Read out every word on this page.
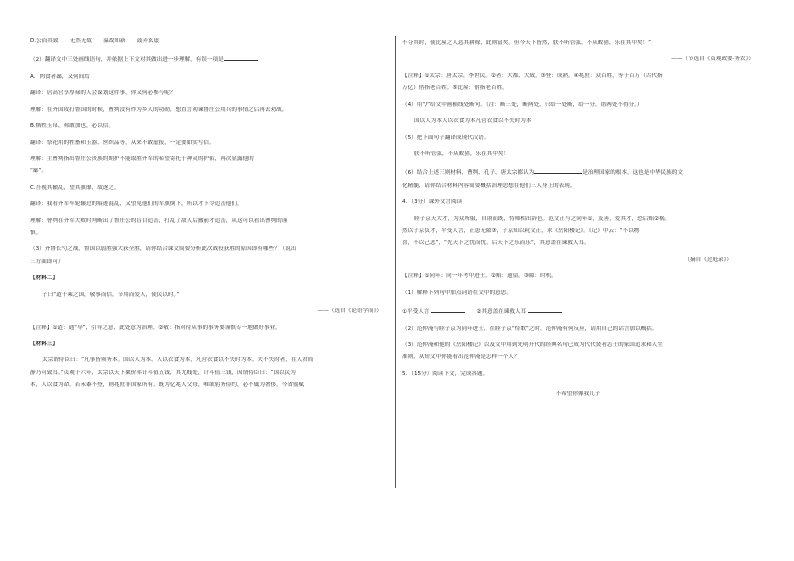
D.公而其致　　无然无故　　温故知新　　鼓弄玄虚
（2）翻译文中三处画线语句，并依据上下文对其做出进一步理解，有误一项是
A．肉食者鄙，又何间焉
翻译：居高官享厚禄的人会谋划这件事，你又何必参与呢？
理解：在齐国攻打鲁国的时候，曹刿没有作为乡人的功勋，想直言劝谏鲁庄公用兵的事情之后再去劝战。
B.牺牲玉帛，弗敢加也，必以信。
翻译：祭祀用的牲畜和玉器、丝织品等，从来不敢虚报，一定要如实写信。
理解：主曹刿指出鲁庄公贵族的期护不能取胜齐军的希望寄托于神灵的护佑，再次显露他的
“鄙”。
C.吾视其辙乱，望其旗靡，故逐之。
翻译：我看齐军车轮辗过的痕迹混乱，又望见他们的军旗倒下，所以才下令追击他们。
理解：曹刿在齐军大败时判断出了鲁庄公的盲目追击，打乱了敌人后撤前才追击，从这可以看出曹刿的谨
慎。
（3）齐鲁长勺之战，鲁国以弱胜强大获全胜，请你结合课文简要分析此次战役获胜的原因即有哪些？（说出
三方面即可）
【材料二】
子曰“道千乘之国，敬事而信，节用而爱人，使民以时。”
——（选自《论语学而》）
【注释】①道：通“导”，引导之意，此处意为治理。②敬：指对待从事的事务要谨慎专一地做好事业。
【材料三】
太宗谓侍臣曰：“凡事皆须务本。国以人为本，人以衣食为本，凡营衣食以不失时为本。夫不失时者，在人君简
静乃可致耳。”贞观十六年，太宗以天下粟价率计斗值五钱，其尤贱处，计斗值三钱，因谓侍臣曰：“国以民为
本，人以食为命。若禾黍不登，则兆庶非国家所有。既为亿兆人父母，唯欲躬务俭约，必不辄为奢侈。今省徭赋
不夺其时，使比屋之人恣其耕稼，此则富矣。但今天下皆然，朕不听管弦，不从畋猎，乐在其中矣！”
——（节选自《贞观政要·务农》）
【注释】①太宗：唐太宗，李世民。②者：大都、大致。③登：成熟。④兆庶：众百姓，等于百万（古代指
万亿）借指老百姓。⑤比屋：借指老百姓。
（4）用“/”给文中画横线处断句。（注：断三处，断两处，只给一处断，给一分，错两处不得分。）
国以人为本人以衣食为本凡营衣食以不失时为本
（5）把下面句子翻译成现代汉语。
朕不听管弦，不从畋猎，乐在其中矣！
（6）结合上述三则材料，曹刿、孔子、唐太宗都认为	是治理国家的根本。这也是中华民族的文
化精髓，请你结合材料内容简要概括治理思想在他们三人身上的表现。
4．（3分）课外文言阅读
睦子京天大才，为众所服，自诩而既，恃师相出辞色。范文正与之同年①，友善，爱其才，恐后贻②祸。
然以子京负才，平受人言，正患无隙③，子京知以耗文正，求《岳阳楼记》。《记》中云：“不以物
喜，不以己悲”，“先天下之忧而忧，后天下之乐而乐”，其意盖在谏救人耳。
（摘自《过庭录》）
【注释】①同年：同一年考中进士。②贻：遗留。③隙：时机。
（1）解释下列句中加点词语在文中的意思。
①平受人言 　　	②其意盖在谏救人耳
（2）范仲淹与睦子京为同年进士，在睦子京“恃歌”之时，范仲淹有何反应，请用自己的话言加以概括。
（3）范仲淹和他的《岳阳楼记》以及文中用到先明开代的经典名句已成为代代贤者志士的家国追求和人生
准则，从短文中你能看出范仲淹是怎样一个人？
5．（15分）阅读下文，完成各题。
不希望你像我儿子
